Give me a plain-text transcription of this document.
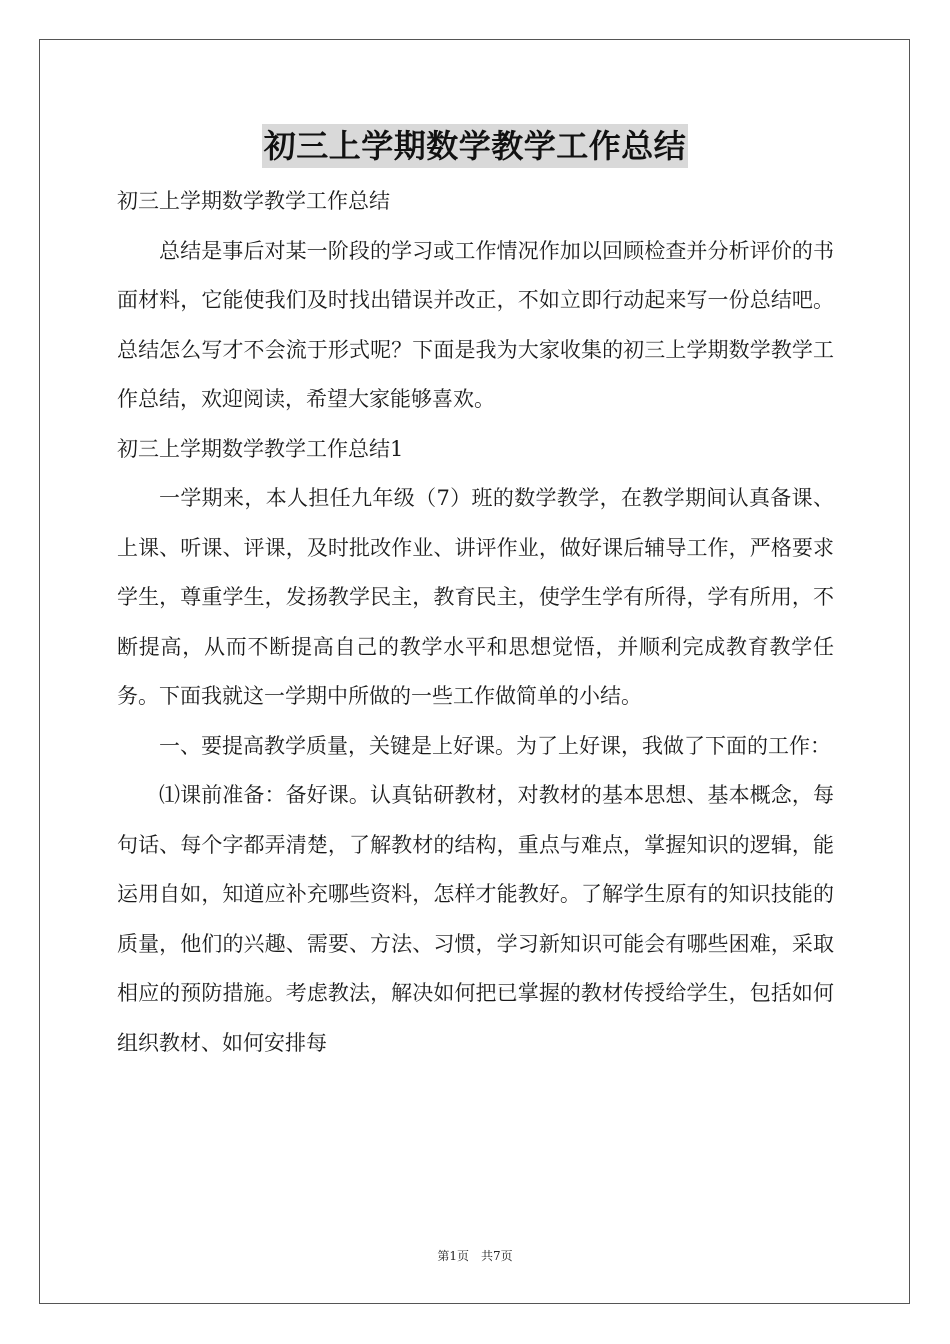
初三上学期数学教学工作总结

初三上学期数学教学工作总结

总结是事后对某一阶段的学习或工作情况作加以回顾检查并分析评价的书面材料，它能使我们及时找出错误并改正，不如立即行动起来写一份总结吧。总结怎么写才不会流于形式呢？下面是我为大家收集的初三上学期数学教学工作总结，欢迎阅读，希望大家能够喜欢。

初三上学期数学教学工作总结1

一学期来，本人担任九年级（7）班的数学教学，在教学期间认真备课、上课、听课、评课，及时批改作业、讲评作业，做好课后辅导工作，严格要求学生，尊重学生，发扬教学民主，教育民主，使学生学有所得，学有所用，不断提高，从而不断提高自己的教学水平和思想觉悟，并顺利完成教育教学任务。下面我就这一学期中所做的一些工作做简单的小结。

一、要提高教学质量，关键是上好课。为了上好课，我做了下面的工作：

⑴课前准备：备好课。认真钻研教材，对教材的基本思想、基本概念，每句话、每个字都弄清楚，了解教材的结构，重点与难点，掌握知识的逻辑，能运用自如，知道应补充哪些资料，怎样才能教好。了解学生原有的知识技能的质量，他们的兴趣、需要、方法、习惯，学习新知识可能会有哪些困难，采取相应的预防措施。考虑教法，解决如何把已掌握的教材传授给学生，包括如何组织教材、如何安排每

第1页　共7页
